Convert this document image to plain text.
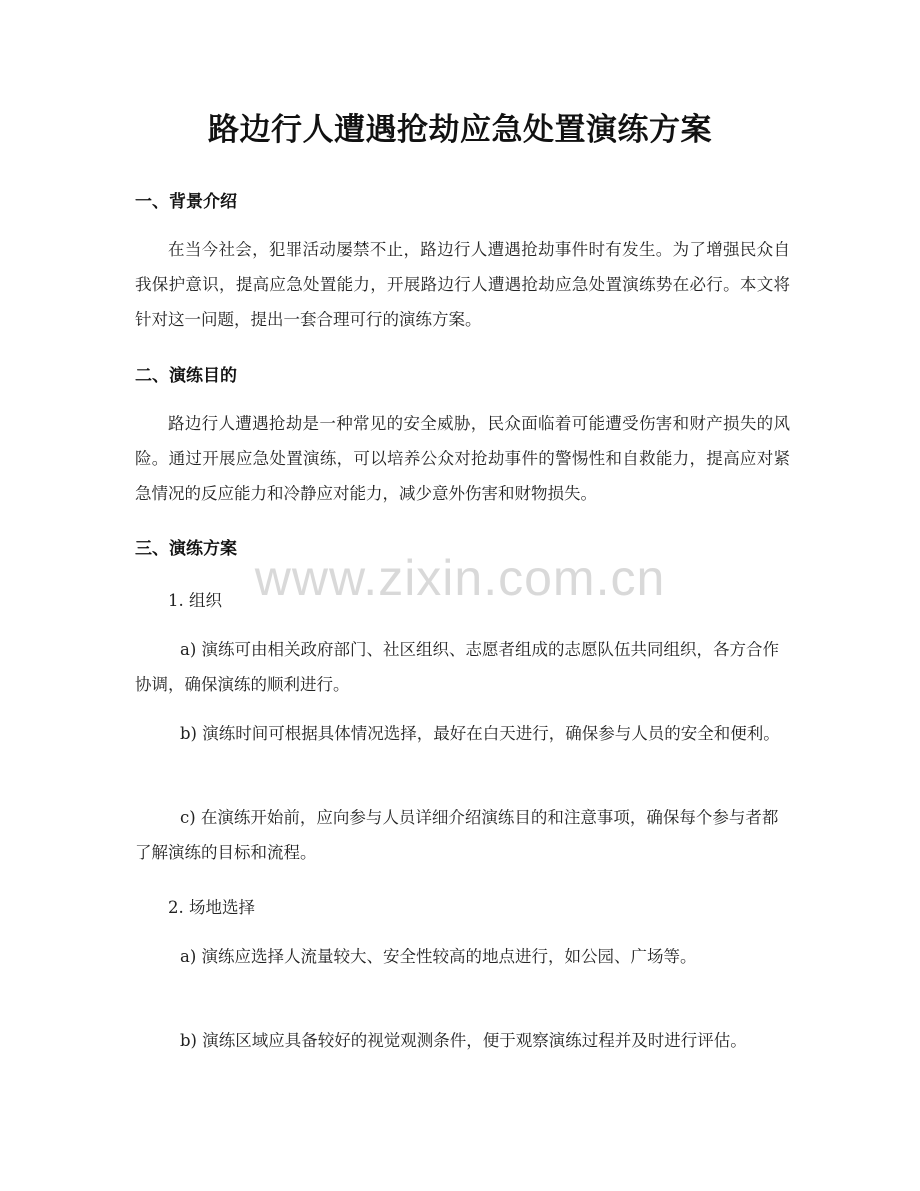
路边行人遭遇抢劫应急处置演练方案
一、背景介绍
在当今社会，犯罪活动屡禁不止，路边行人遭遇抢劫事件时有发生。为了增强民众自我保护意识，提高应急处置能力，开展路边行人遭遇抢劫应急处置演练势在必行。本文将针对这一问题，提出一套合理可行的演练方案。
二、演练目的
路边行人遭遇抢劫是一种常见的安全威胁，民众面临着可能遭受伤害和财产损失的风险。通过开展应急处置演练，可以培养公众对抢劫事件的警惕性和自救能力，提高应对紧急情况的反应能力和冷静应对能力，减少意外伤害和财物损失。
三、演练方案
1. 组织
a) 演练可由相关政府部门、社区组织、志愿者组成的志愿队伍共同组织，各方合作协调，确保演练的顺利进行。
b) 演练时间可根据具体情况选择，最好在白天进行，确保参与人员的安全和便利。
c) 在演练开始前，应向参与人员详细介绍演练目的和注意事项，确保每个参与者都了解演练的目标和流程。
2. 场地选择
a) 演练应选择人流量较大、安全性较高的地点进行，如公园、广场等。
b) 演练区域应具备较好的视觉观测条件，便于观察演练过程并及时进行评估。
www.zixin.com.cn
